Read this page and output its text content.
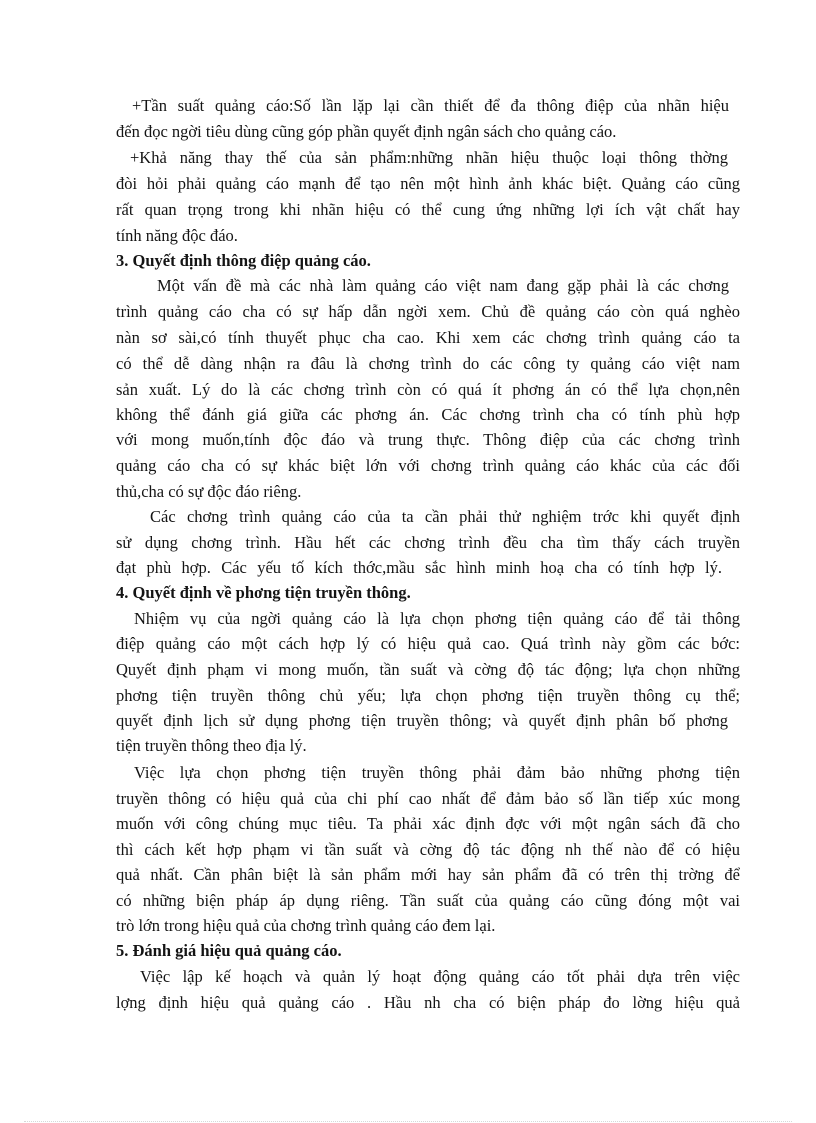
+Tần suất quảng cáo:Số lần lặp lại cần thiết để đa thông điệp của nhãn hiệu
đến đọc ngời tiêu dùng cũng góp phần quyết định ngân sách cho quảng cáo.
+Khả năng thay thế của sản phẩm:những nhãn hiệu thuộc loại thông thờng
đòi hỏi phải quảng cáo mạnh để tạo nên một hình ảnh khác biệt. Quảng cáo cũng
rất quan trọng trong khi nhãn hiệu có thể cung ứng những lợi ích vật chất hay
tính năng độc đáo.
3. Quyết định thông điệp quảng cáo.
Một vấn đề mà các nhà làm quảng cáo việt nam đang gặp phải là các chơng
trình quảng cáo cha có sự hấp dẫn ngời xem. Chủ đề quảng cáo còn quá nghèo
nàn sơ sài,có tính thuyết phục cha cao. Khi xem các chơng trình quảng cáo ta
có thể dễ dàng nhận ra đâu là chơng trình do các công ty quảng cáo việt nam
sản xuất. Lý do là các chơng trình còn có quá ít phơng án có thể lựa chọn,nên
không thể đánh giá giữa các phơng án. Các chơng trình cha có tính phù hợp
với mong muốn,tính độc đáo và trung thực. Thông điệp của các chơng trình
quảng cáo cha có sự khác biệt lớn với chơng trình quảng cáo khác của các đối
thủ,cha có sự độc đáo riêng.
Các chơng trình quảng cáo của ta cần phải thử nghiệm trớc khi quyết định
sử dụng chơng trình. Hầu hết các chơng trình đều cha tìm thấy cách truyền
đạt phù hợp. Các yếu tố kích thớc,mầu sắc hình minh hoạ cha có tính hợp lý.
4. Quyết định về phơng tiện truyền thông.
Nhiệm vụ của ngời quảng cáo là lựa chọn phơng tiện quảng cáo để tải thông
điệp quảng cáo một cách hợp lý có hiệu quả cao. Quá trình này gồm các bớc:
Quyết định phạm vi mong muốn, tần suất và cờng độ tác động; lựa chọn những
phơng tiện truyền thông chủ yếu; lựa chọn phơng tiện truyền thông cụ thể;
quyết định lịch sử dụng phơng tiện truyền thông; và quyết định phân bố phơng
tiện truyền thông theo địa lý.
Việc lựa chọn phơng tiện truyền thông phải đảm bảo những phơng tiện
truyền thông có hiệu quả của chi phí cao nhất để đảm bảo số lần tiếp xúc mong
muốn với công chúng mục tiêu. Ta phải xác định đợc với một ngân sách đã cho
thì cách kết hợp phạm vi tần suất và cờng độ tác động nh thế nào để có hiệu
quả nhất. Cần phân biệt là sản phẩm mới hay sản phẩm đã có trên thị trờng để
có những biện pháp áp dụng riêng. Tần suất của quảng cáo cũng đóng một vai
trò lớn trong hiệu quả của chơng trình quảng cáo đem lại.
5. Đánh giá hiệu quả quảng cáo.
Việc lập kế hoạch và quản lý hoạt động quảng cáo tốt phải dựa trên việc
lợng định hiệu quả quảng cáo . Hầu nh cha có biện pháp đo lờng hiệu quả
